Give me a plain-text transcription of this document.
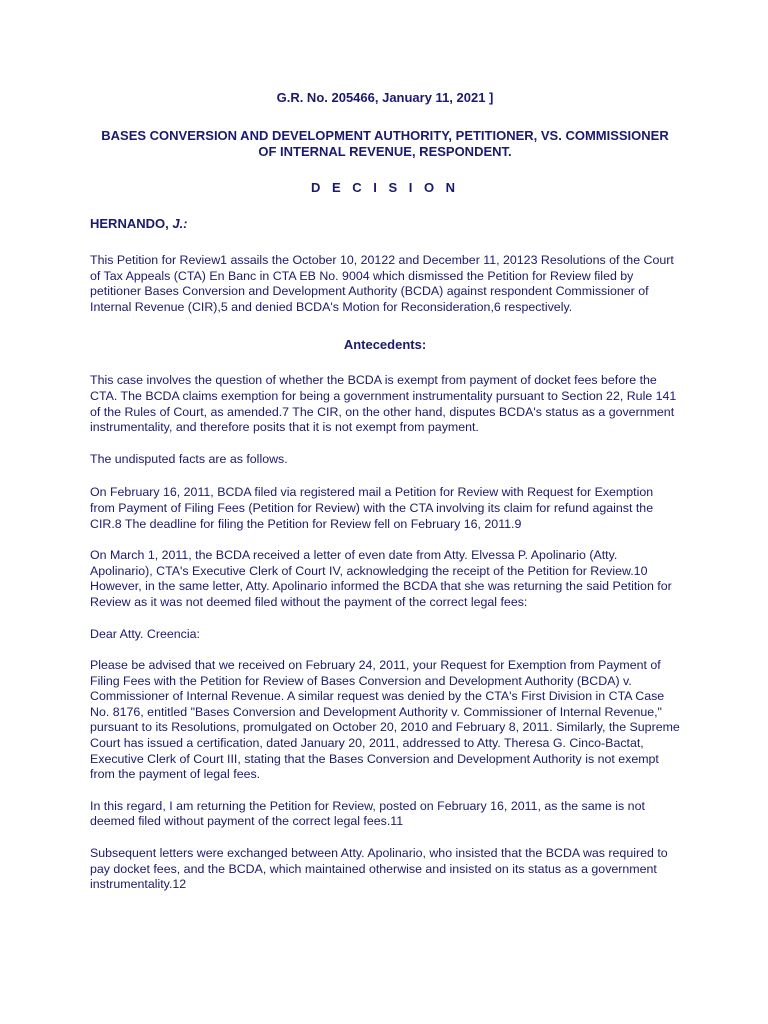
G.R. No. 205466, January 11, 2021 ]
BASES CONVERSION AND DEVELOPMENT AUTHORITY, PETITIONER, VS. COMMISSIONER
OF INTERNAL REVENUE, RESPONDENT.
D E C I S I O N
HERNANDO, J.:

This Petition for Review1 assails the October 10, 20122 and December 11, 20123 Resolutions of the Court of Tax Appeals (CTA) En Banc in CTA EB No. 9004 which dismissed the Petition for Review filed by petitioner Bases Conversion and Development Authority (BCDA) against respondent Commissioner of Internal Revenue (CIR),5 and denied BCDA's Motion for Reconsideration,6 respectively.

Antecedents:

This case involves the question of whether the BCDA is exempt from payment of docket fees before the CTA. The BCDA claims exemption for being a government instrumentality pursuant to Section 22, Rule 141 of the Rules of Court, as amended.7 The CIR, on the other hand, disputes BCDA's status as a government instrumentality, and therefore posits that it is not exempt from payment.

The undisputed facts are as follows.

On February 16, 2011, BCDA filed via registered mail a Petition for Review with Request for Exemption from Payment of Filing Fees (Petition for Review) with the CTA involving its claim for refund against the CIR.8 The deadline for filing the Petition for Review fell on February 16, 2011.9

On March 1, 2011, the BCDA received a letter of even date from Atty. Elvessa P. Apolinario (Atty. Apolinario), CTA's Executive Clerk of Court IV, acknowledging the receipt of the Petition for Review.10 However, in the same letter, Atty. Apolinario informed the BCDA that she was returning the said Petition for Review as it was not deemed filed without the payment of the correct legal fees:

Dear Atty. Creencia:

Please be advised that we received on February 24, 2011, your Request for Exemption from Payment of Filing Fees with the Petition for Review of Bases Conversion and Development Authority (BCDA) v. Commissioner of Internal Revenue. A similar request was denied by the CTA's First Division in CTA Case No. 8176, entitled "Bases Conversion and Development Authority v. Commissioner of Internal Revenue," pursuant to its Resolutions, promulgated on October 20, 2010 and February 8, 2011. Similarly, the Supreme Court has issued a certification, dated January 20, 2011, addressed to Atty. Theresa G. Cinco-Bactat, Executive Clerk of Court III, stating that the Bases Conversion and Development Authority is not exempt from the payment of legal fees.

In this regard, I am returning the Petition for Review, posted on February 16, 2011, as the same is not deemed filed without payment of the correct legal fees.11

Subsequent letters were exchanged between Atty. Apolinario, who insisted that the BCDA was required to pay docket fees, and the BCDA, which maintained otherwise and insisted on its status as a government instrumentality.12
